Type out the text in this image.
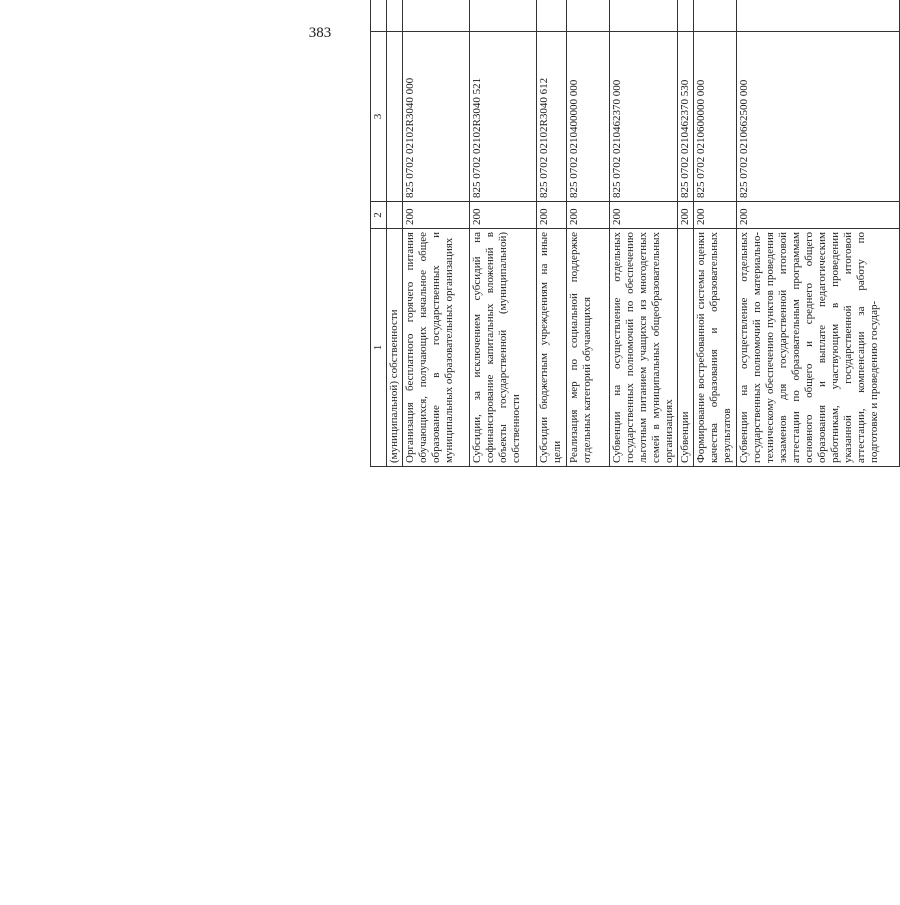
383
1	2	3			
(муниципальной) собственности					
Организация бесплатного горячего питания обучающихся, получающих начальное общее образование в государственных и муниципальных образовательных организациях	200	825 0702 02102R3040 000			
Субсидии, за исключением субсидий на софинансирование капитальных вложений в объекты государственной (муниципальной) собственности	200	825 0702 02102R3040 521			
Субсидии бюджетным учреждениям на иные цели	200	825 0702 02102R3040 612			
Реализация мер по социальной поддержке отдельных категорий обучающихся	200	825 0702 0210400000 000			
Субвенции на осуществление отдельных государственных полномочий по обеспечению льготным питанием учащихся из многодетных семей в муниципальных общеобразовательных организациях	200	825 0702 0210462370 000			
Субвенции	200	825 0702 0210462370 530			
Формирование востребованной системы оценки качества образования и образовательных результатов	200	825 0702 0210600000 000			
Субвенции на осуществление отдельных государственных полномочий по материально-техническому обеспечению пунктов проведения экзаменов для государственной итоговой аттестации по образовательным программам основного общего и среднего общего образования и выплате педагогическим работникам, участвующим в проведении указанной государственной итоговой аттестации, компенсации за работу по подготовке и проведению государ-	200	825 0702 0210662500 000			
